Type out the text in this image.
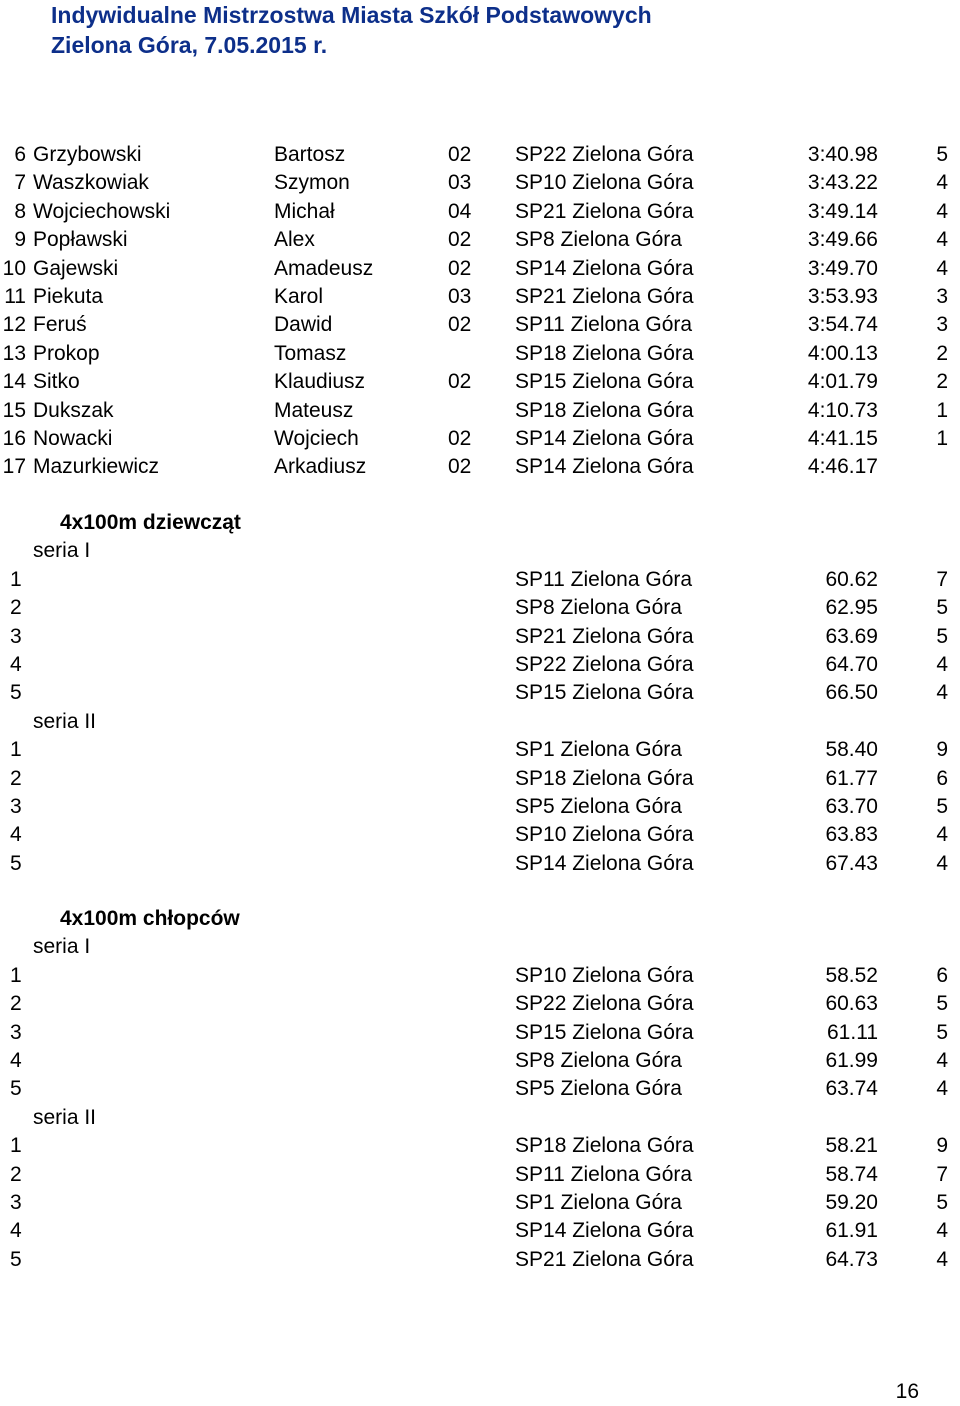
Indywidualne Mistrzostwa Miasta Szkół Podstawowych
Zielona Góra, 7.05.2015 r.
6 Grzybowski	Bartosz	02 SP22 Zielona Góra	3:40.98	5
7 Waszkowiak	Szymon	03 SP10 Zielona Góra	3:43.22	4
8 Wojciechowski	Michał	04 SP21 Zielona Góra	3:49.14	4
9 Popławski	Alex	02 SP8 Zielona Góra	3:49.66	4
10 Gajewski	Amadeusz	02 SP14 Zielona Góra	3:49.70	4
11 Piekuta	Karol	03 SP21 Zielona Góra	3:53.93	3
12 Feruś	Dawid	02 SP11 Zielona Góra	3:54.74	3
13 Prokop	Tomasz	SP18 Zielona Góra	4:00.13	2
14 Sitko	Klaudiusz	02 SP15 Zielona Góra	4:01.79	2
15 Dukszak	Mateusz	SP18 Zielona Góra	4:10.73	1
16 Nowacki	Wojciech	02 SP14 Zielona Góra	4:41.15	1
17 Mazurkiewicz	Arkadiusz	02 SP14 Zielona Góra	4:46.17
4x100m dziewcząt
seria I
1	SP11 Zielona Góra	60.62	7
2	SP8 Zielona Góra	62.95	5
3	SP21 Zielona Góra	63.69	5
4	SP22 Zielona Góra	64.70	4
5	SP15 Zielona Góra	66.50	4
seria II
1	SP1 Zielona Góra	58.40	9
2	SP18 Zielona Góra	61.77	6
3	SP5 Zielona Góra	63.70	5
4	SP10 Zielona Góra	63.83	4
5	SP14 Zielona Góra	67.43	4
4x100m chłopców
seria I
1	SP10 Zielona Góra	58.52	6
2	SP22 Zielona Góra	60.63	5
3	SP15 Zielona Góra	61.11	5
4	SP8 Zielona Góra	61.99	4
5	SP5 Zielona Góra	63.74	4
seria II
1	SP18 Zielona Góra	58.21	9
2	SP11 Zielona Góra	58.74	7
3	SP1 Zielona Góra	59.20	5
4	SP14 Zielona Góra	61.91	4
5	SP21 Zielona Góra	64.73	4
16
